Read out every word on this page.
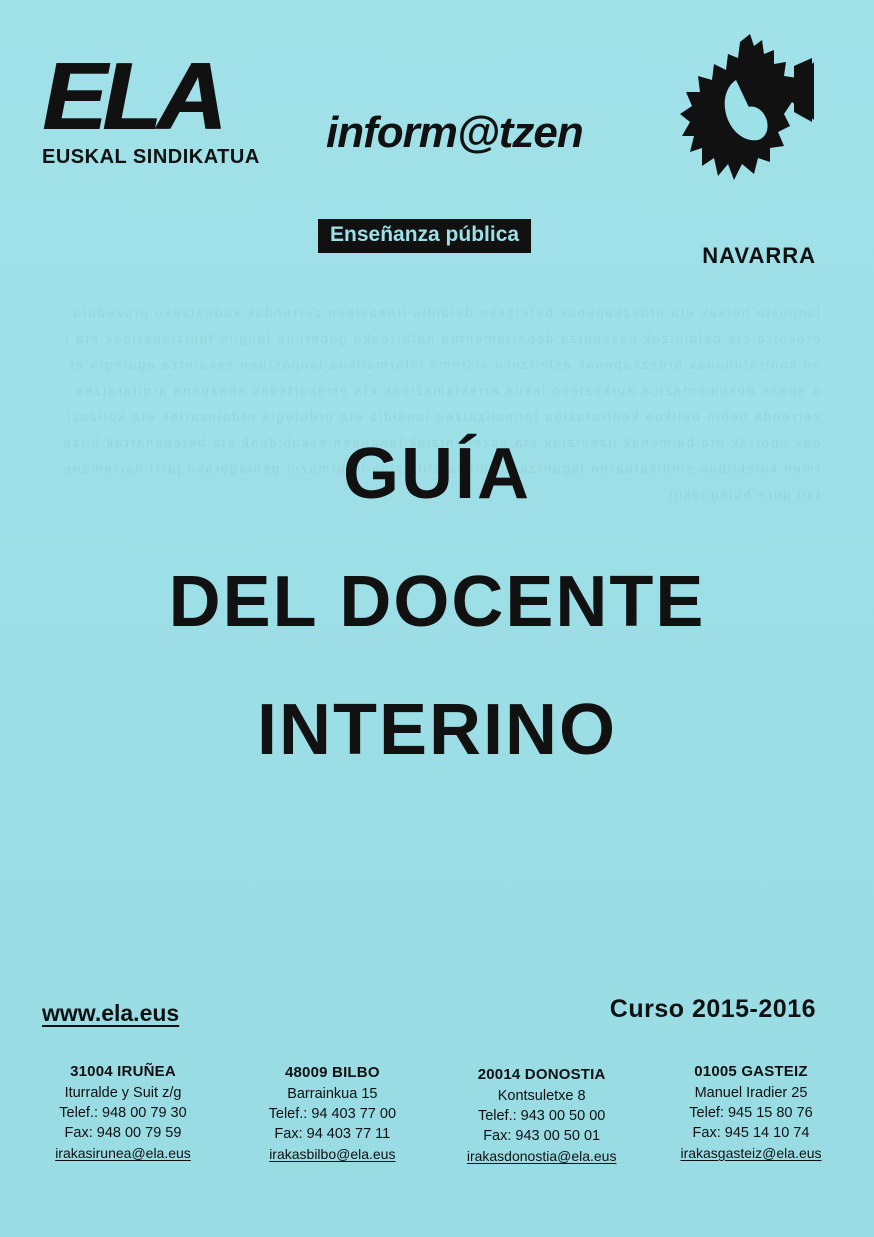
lanpostu hutsak eta ordezkapenak betetzeko deialdia irakasleen zerrendak kudeatzeko prozedura orokorra eta baldintzak hezkuntza departamentua nafarroako gobernua langile funtzionarioak eta lan kontratudunak ordezkapenak esleitzeko sistema informatikoa lanpostuen eskaintza egutegia eta epeak dokumentazioa aurkezteko lekua erreklamazioak eta errekurtsoak ebazpena argitaratzea zerrenda behin betikoa kontratazioa formalizatzea lanaldia eta ordutegia ordainsariak eta kotizazioak oporrak eta baimenak lizentziak eta eszedentziak langileen eskubideak eta betebeharrak hitzarmen kolektiboa sindikatuaren laguntza juridikoa afiliazioa informazio gehiagorako jarri harremanetan gure bulegoekin
ELA
EUSKAL SINDIKATUA	inform@tzen
Enseñanza pública
NAVARRA
GUÍA
DEL DOCENTE
INTERINO
www.ela.eus	Curso 2015-2016
31004 IRUÑEA
Iturralde y Suit z/g
Telef.: 948 00 79 30
Fax: 948 00 79 59
irakasirunea@ela.eus
48009 BILBO
Barrainkua 15
Telef.: 94 403 77 00
Fax: 94 403 77 11
irakasbilbo@ela.eus
20014 DONOSTIA
Kontsuletxe 8
Telef.: 943 00 50 00
Fax: 943 00 50 01
irakasdonostia@ela.eus
01005 GASTEIZ
Manuel Iradier 25
Telef: 945 15 80 76
Fax: 945 14 10 74
irakasgasteiz@ela.eus
